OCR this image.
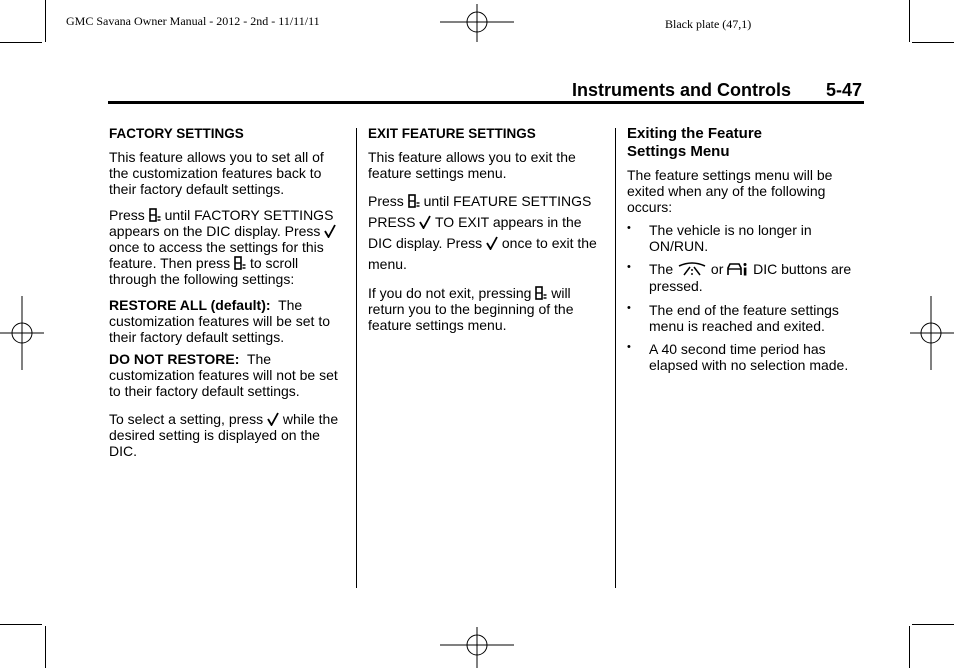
GMC Savana Owner Manual - 2012 - 2nd - 11/11/11	Black plate (47,1)
Instruments and Controls 5-47

FACTORY SETTINGS

This feature allows you to set all of the customization features back to their factory default settings.

Press until FACTORY SETTINGS appears on the DIC display. Press  once to access the settings for this feature. Then press to scroll through the following settings:

RESTORE ALL (default): The customization features will be set to their factory default settings.

DO NOT RESTORE: The customization features will not be set to their factory default settings.

To select a setting, press while the desired setting is displayed on the DIC.

EXIT FEATURE SETTINGS

This feature allows you to exit the feature settings menu.

Press until FEATURE SETTINGS PRESS TO EXIT appears in the DIC display. Press once to exit the menu.

If you do not exit, pressing will return you to the beginning of the feature settings menu.

Exiting the Feature Settings Menu

The feature settings menu will be exited when any of the following occurs:

• The vehicle is no longer in ON/RUN.
• The	or DIC buttons are pressed.
• The end of the feature settings menu is reached and exited.
• A 40 second time period has elapsed with no selection made.
